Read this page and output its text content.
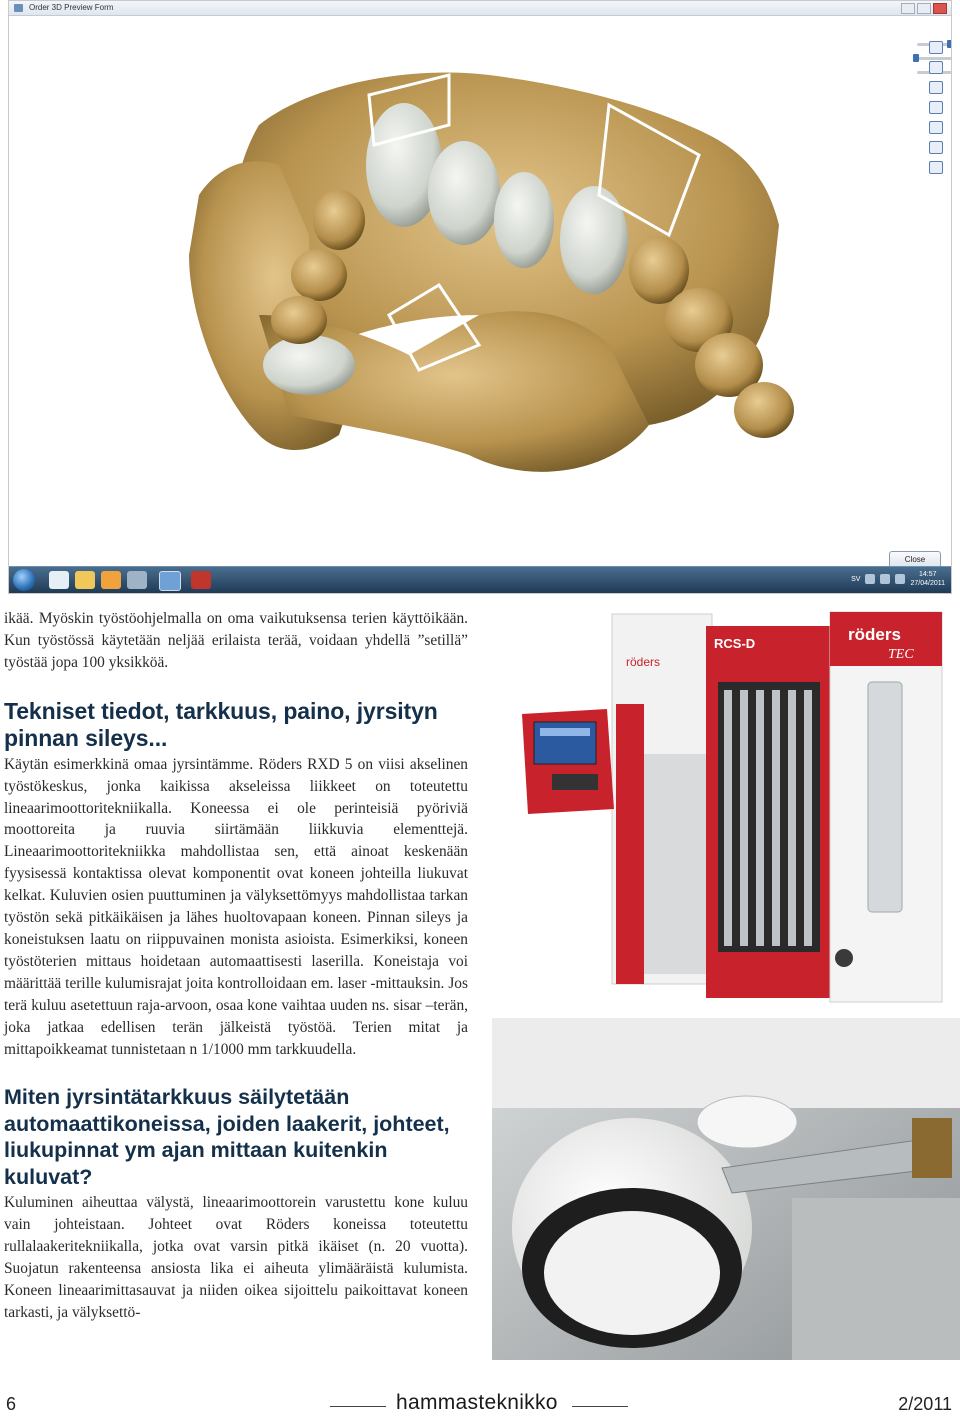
Order 3D Preview Form
Close
SV
14:57
27/04/2011

ikää. Myöskin työstöohjelmalla on oma vaikutuksensa terien käyttöikään. Kun työstössä käytetään neljää erilaista terää, voidaan yhdellä ”setillä” työstää jopa 100 yksikköä.

Tekniset tiedot, tarkkuus, paino, jyrsityn pinnan sileys...

Käytän esimerkkinä omaa jyrsintämme. Röders RXD 5 on viisi akselinen työstökeskus, jonka kaikissa akseleissa liikkeet on toteutettu lineaarimoottoritekniikalla. Koneessa ei ole perinteisiä pyöriviä moottoreita ja ruuvia siirtämään liikkuvia elementtejä. Lineaarimoottoritekniikka mahdollistaa sen, että ainoat keskenään fyysisessä kontaktissa olevat komponentit ovat koneen johteilla liukuvat kelkat. Kuluvien osien puuttuminen ja välyksettömyys mahdollistaa tarkan työstön sekä pitkäikäisen ja lähes huoltovapaan koneen. Pinnan sileys ja koneistuksen laatu on riippuvainen monista asioista. Esimerkiksi, koneen työstöterien mittaus hoidetaan automaattisesti laserilla. Koneistaja voi määrittää terille kulumisrajat joita kontrolloidaan em. laser -mittauksin. Jos terä kuluu asetettuun raja-arvoon, osaa kone vaihtaa uuden ns. sisar –terän, joka jatkaa edellisen terän jälkeistä työstöä. Terien mitat ja mittapoikkeamat tunnistetaan n 1/1000 mm tarkkuudella.

Miten jyrsintätarkkuus säilytetään automaattikoneissa, joiden laakerit, johteet, liukupinnat ym ajan mittaan kuitenkin kuluvat?

Kuluminen aiheuttaa välystä, lineaarimoottorein varustettu kone kuluu vain johteistaan. Johteet ovat Röders koneissa toteutettu rullalaakeritekniikalla, jotka ovat varsin pitkä ikäiset (n. 20 vuotta). Suojatun rakenteensa ansiosta lika ei aiheuta ylimääräistä kulumista. Koneen lineaarimittasauvat ja niiden oikea sijoittelu paikoittavat koneen tarkasti, ja välyksettö-

röders
RCS-D	röders
TEC
6	hammasteknikko	2/2011
